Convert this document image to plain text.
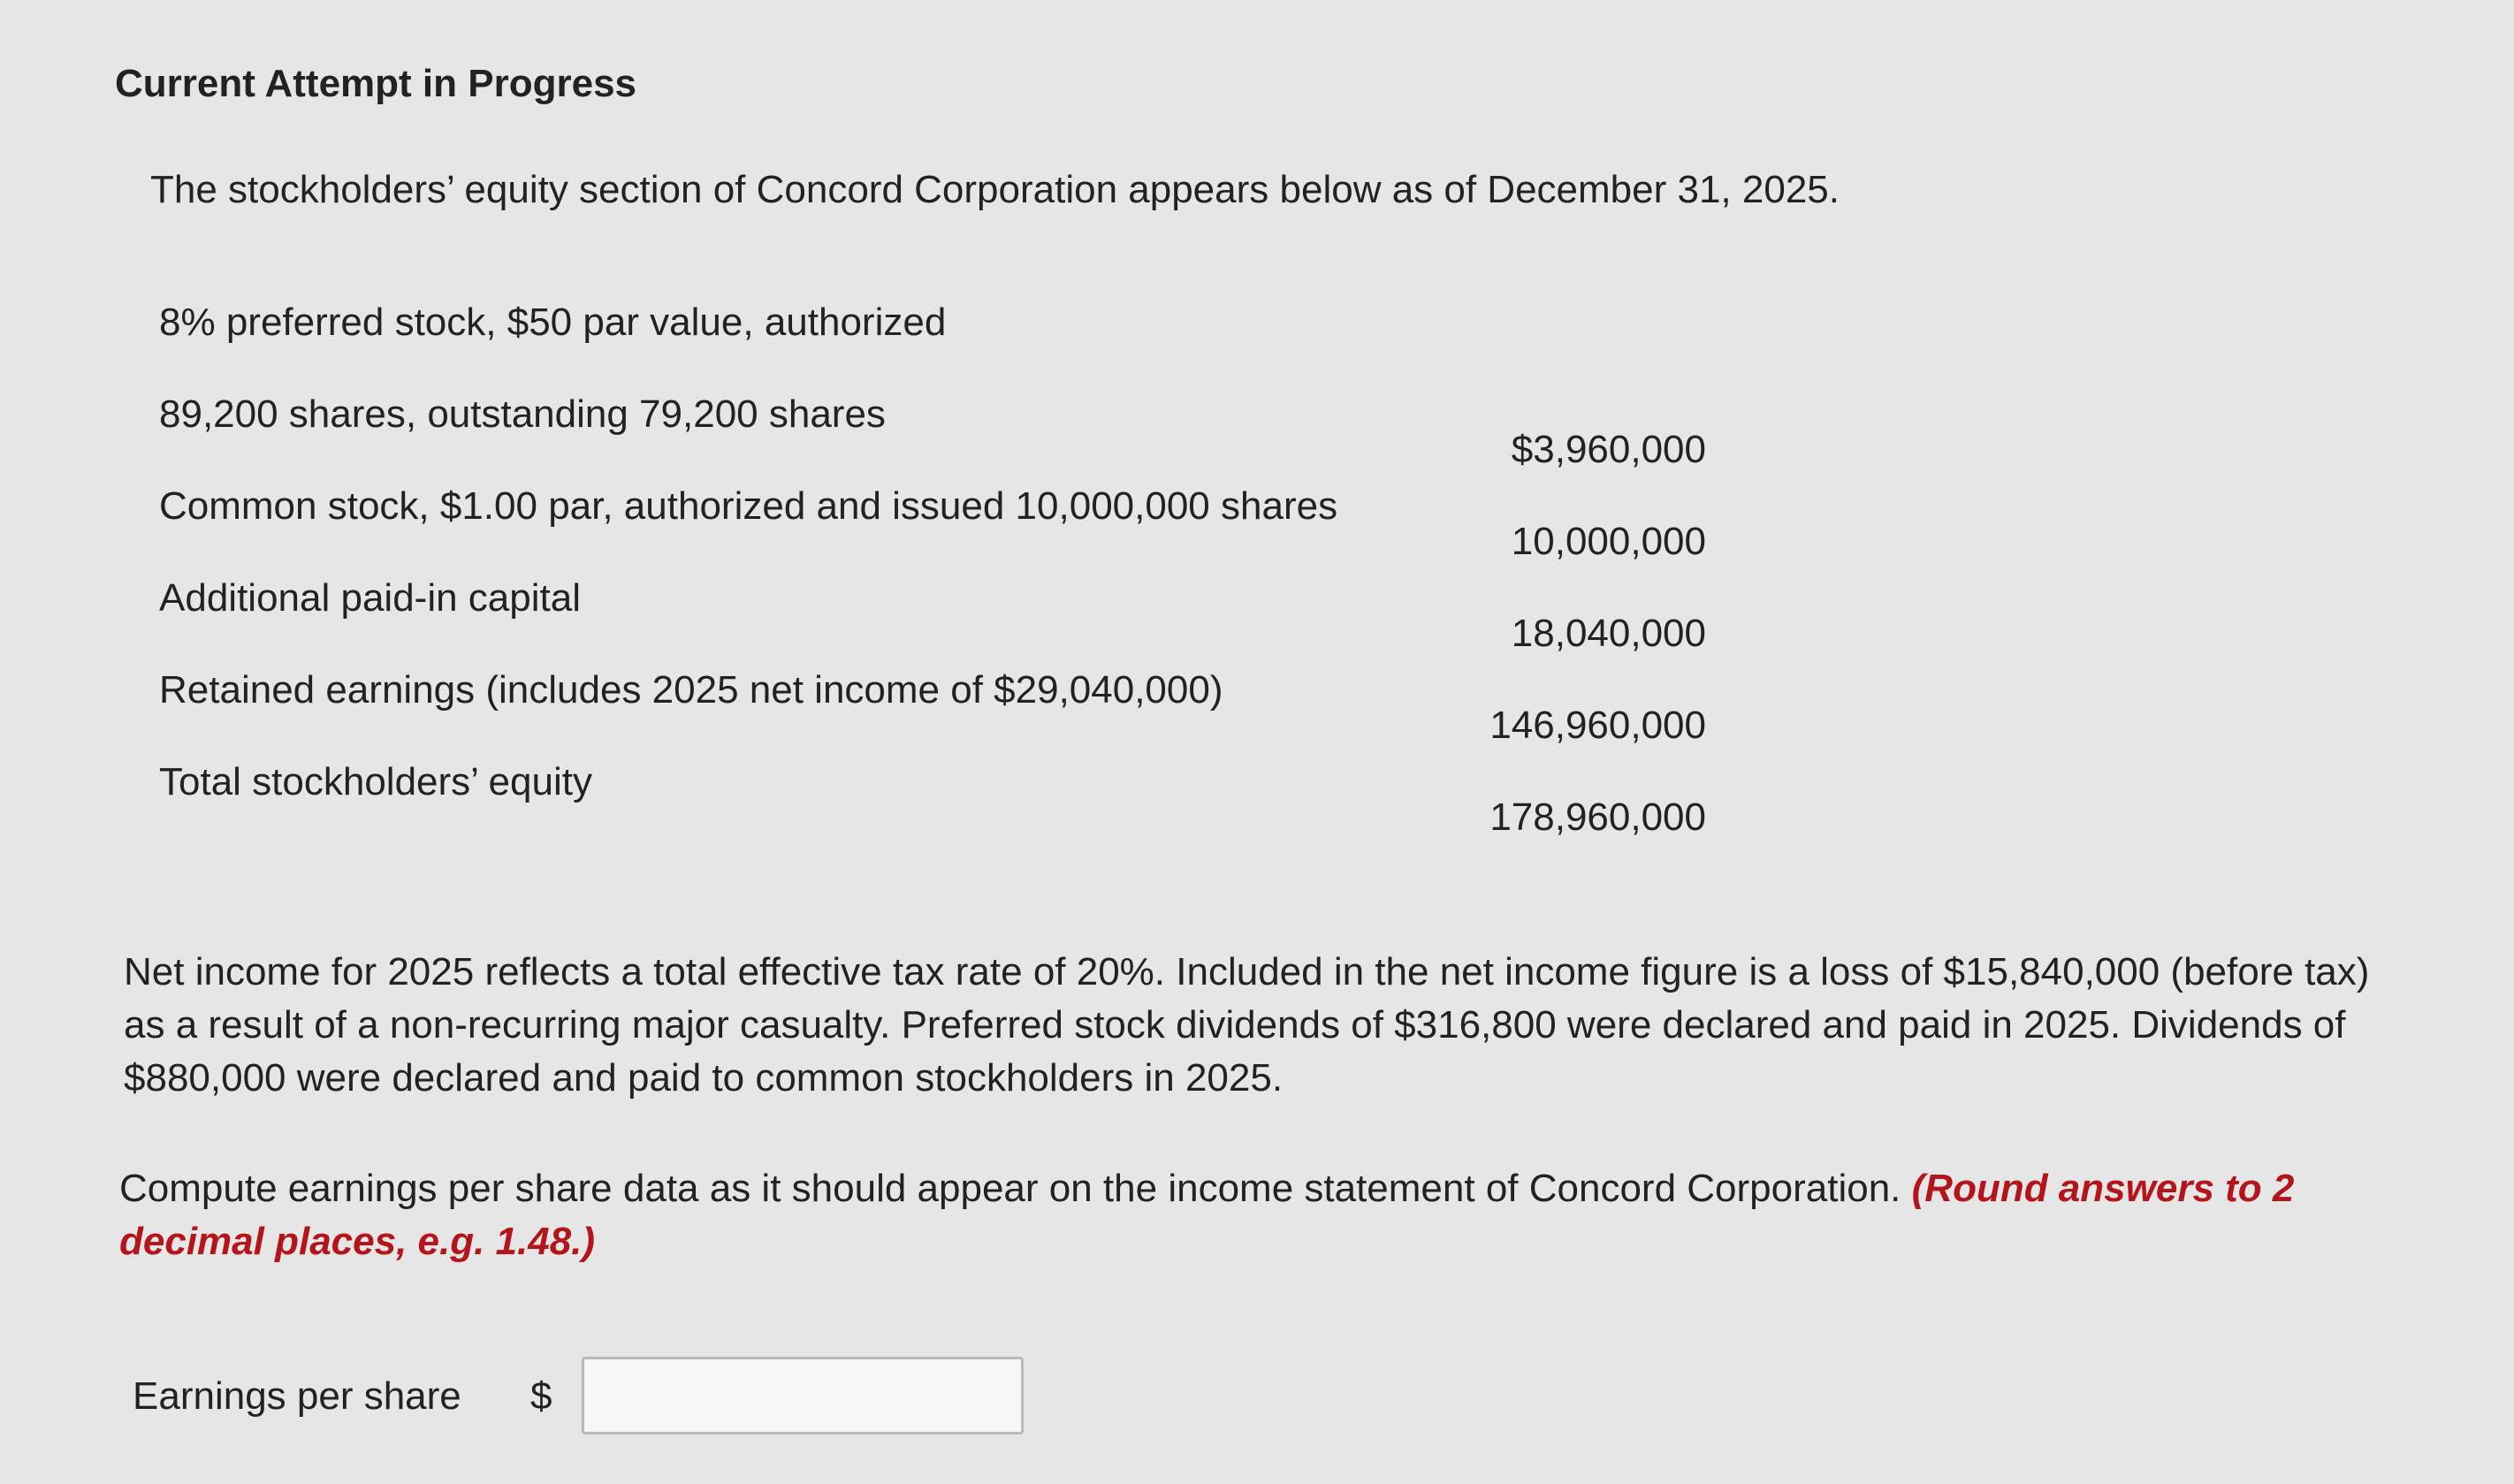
Current Attempt in Progress
The stockholders’ equity section of Concord Corporation appears below as of December 31, 2025.
8% preferred stock, $50 par value, authorized
89,200 shares, outstanding 79,200 shares
$3,960,000
Common stock, $1.00 par, authorized and issued 10,000,000 shares
10,000,000
Additional paid-in capital
18,040,000
Retained earnings (includes 2025 net income of $29,040,000)
146,960,000
Total stockholders’ equity
178,960,000
Net income for 2025 reflects a total effective tax rate of 20%. Included in the net income figure is a loss of $15,840,000 (before tax) as a result of a non-recurring major casualty. Preferred stock dividends of $316,800 were declared and paid in 2025. Dividends of $880,000 were declared and paid to common stockholders in 2025.
Compute earnings per share data as it should appear on the income statement of Concord Corporation. (Round answers to 2 decimal places, e.g. 1.48.)
Earnings per share $
